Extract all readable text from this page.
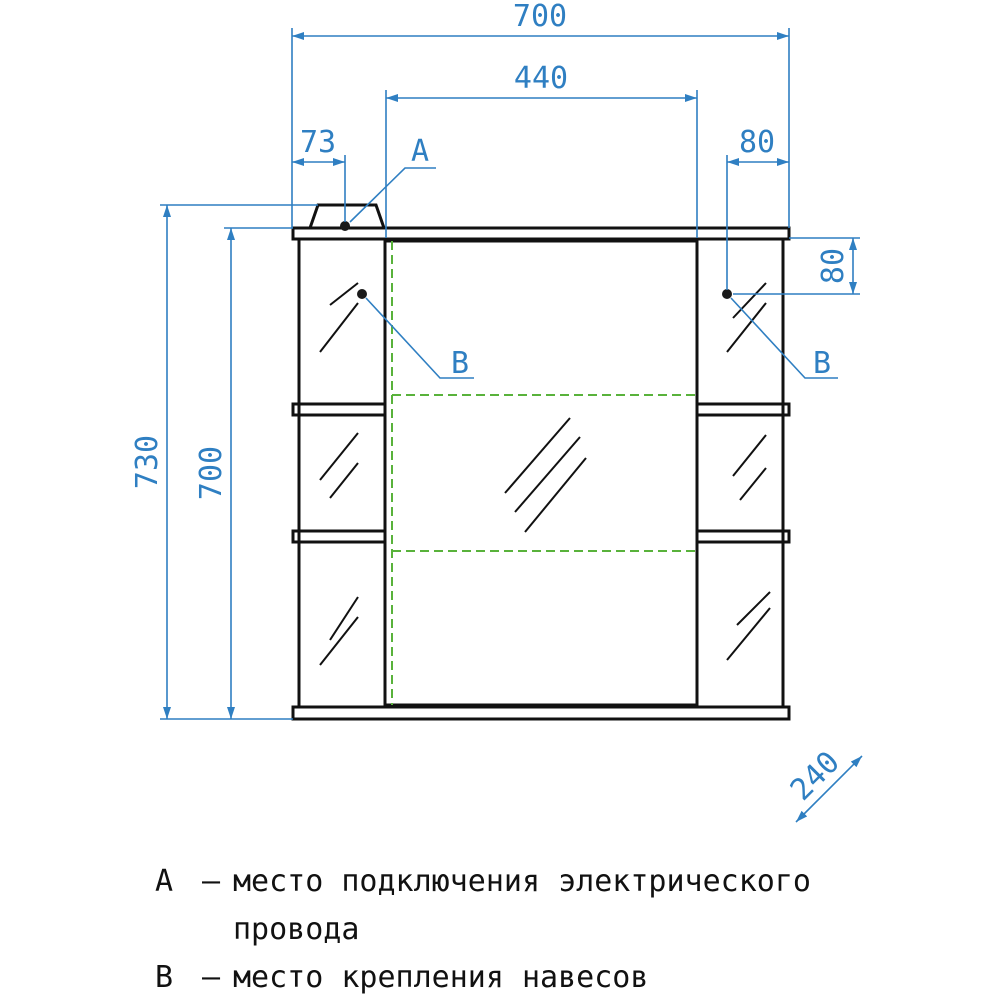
700
440
73	80
80
730 700
240
A
B	B
A – место подключения электрического
провода
B – место крепления навесов
